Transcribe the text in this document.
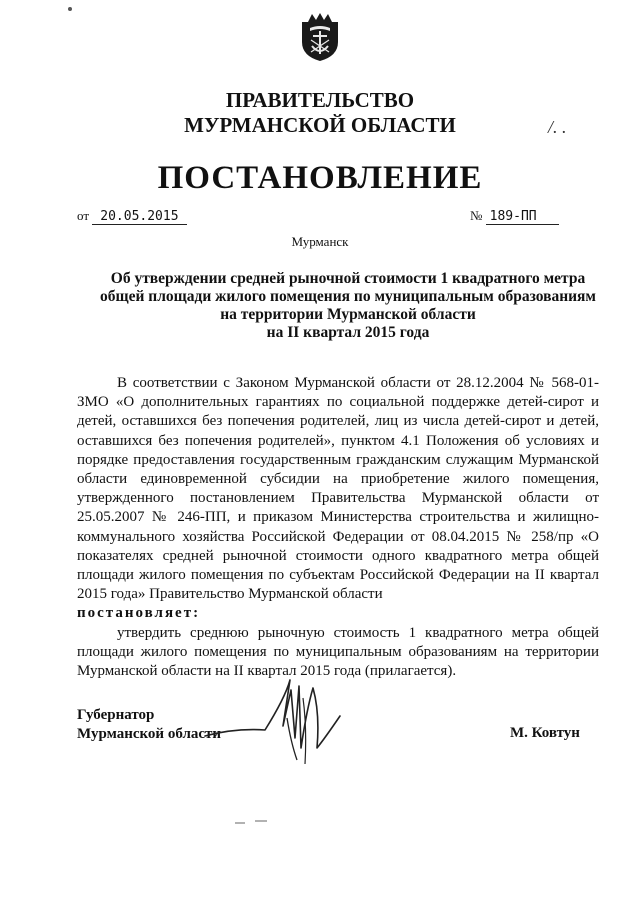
ПРАВИТЕЛЬСТВО
МУРМАНСКОЙ ОБЛАСТИ	/. .
ПОСТАНОВЛЕНИЕ
от 20.05.2015	№ 189-ПП
Мурманск
Об утверждении средней рыночной стоимости 1 квадратного метра
общей площади жилого помещения по муниципальным образованиям
на территории Мурманской области
на II квартал 2015 года

В соответствии с Законом Мурманской области от 28.12.2004 № 568-01-ЗМО «О дополнительных гарантиях по социальной поддержке детей-сирот и детей, оставшихся без попечения родителей, лиц из числа детей-сирот и детей, оставшихся без попечения родителей», пунктом 4.1 Положения об условиях и порядке предоставления государственным гражданским служащим Мурманской области единовременной субсидии на приобретение жилого помещения, утвержденного постановлением Правительства Мурманской области от 25.05.2007 № 246-ПП, и приказом Министерства строительства и жилищно-коммунального хозяйства Российской Федерации от 08.04.2015 № 258/пр «О показателях средней рыночной стоимости одного квадратного метра общей площади жилого помещения по субъектам Российской Федерации на II квартал 2015 года» Правительство Мурманской области

постановляет:

утвердить среднюю рыночную стоимость 1 квадратного метра общей площади жилого помещения по муниципальным образованиям на территории Мурманской области на II квартал 2015 года (прилагается).

Губернатор
Мурманской области	М. Ковтун
